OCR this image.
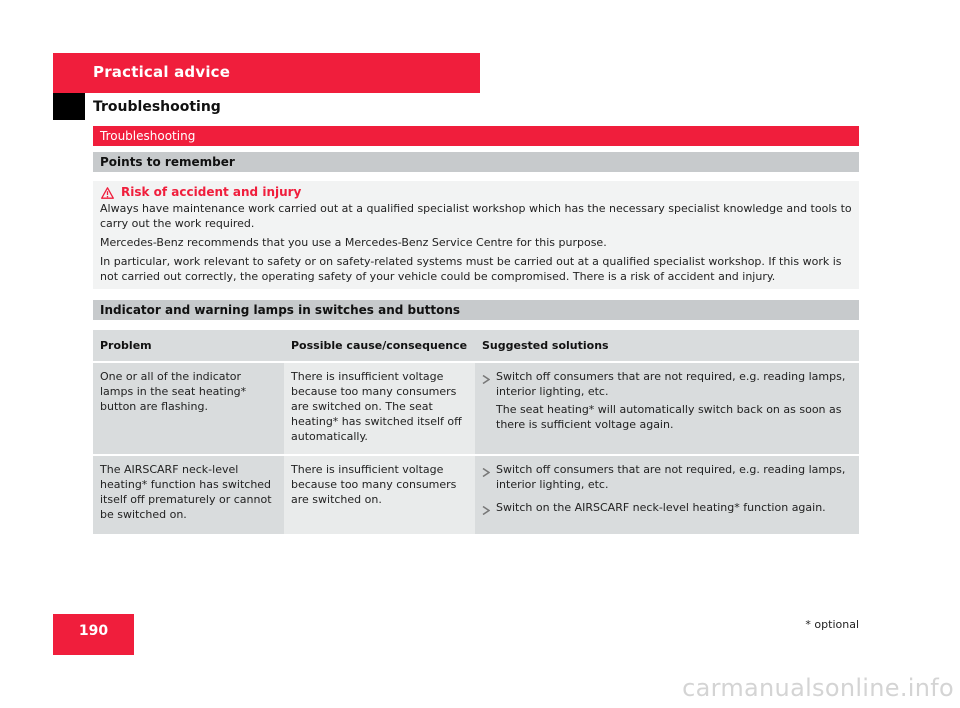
Practical advice
Troubleshooting
Troubleshooting
Points to remember
Risk of accident and injury

Always have maintenance work carried out at a qualified specialist workshop which has the necessary specialist knowledge and tools to carry out the work required.

Mercedes-Benz recommends that you use a Mercedes-Benz Service Centre for this purpose.

In particular, work relevant to safety or on safety-related systems must be carried out at a qualified specialist workshop. If this work is not carried out correctly, the operating safety of your vehicle could be compromised. There is a risk of accident and injury.

Indicator and warning lamps in switches and buttons
Problem	Possible cause/consequence	Suggested solutions
One or all of the indicator lamps in the seat heating* button are flashing.	There is insufficient voltage because too many consumers are switched on. The seat heating* has switched itself off automatically.	Switch off consumers that are not required, e.g. reading lamps, interior lighting, etc.

The seat heating* will automatically switch back on as soon as there is sufficient voltage again.

The AIRSCARF neck-level heating* function has switched itself off prematurely or cannot be switched on.	There is insufficient voltage because too many consumers are switched on.	Switch off consumers that are not required, e.g. reading lamps, interior lighting, etc.

Switch on the AIRSCARF neck-level heating* function again.

190	* optional
carmanualsonline.info
